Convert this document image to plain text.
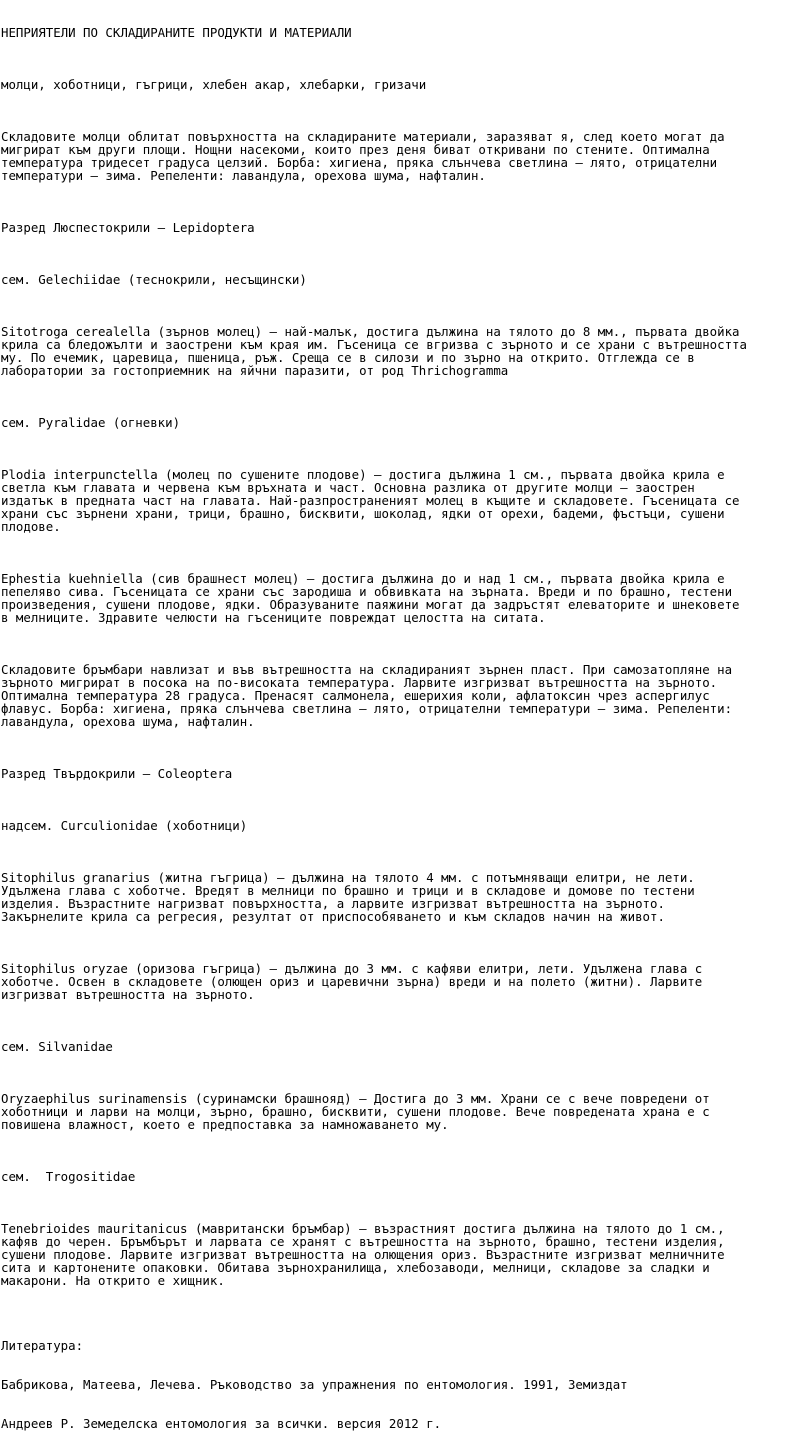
НЕПРИЯТЕЛИ ПО СКЛАДИРАНИТЕ ПРОДУКТИ И МАТЕРИАЛИ

молци, хоботници, гъгрици, хлебен акар, хлебарки, гризачи

Складовите молци облитат повърхността на складираните материали, заразяват я, след което могат да
мигрират към други площи. Нощни насекоми, които през деня биват откривани по стените. Оптимална
температура тридесет градуса целзий. Борба: хигиена, пряка слънчева светлина – лято, отрицателни
температури – зима. Репеленти: лавандула, орехова шума, нафталин.

Разред Люспестокрили – Lepidoptera

сем. Gelechiidae (теснокрили, несъщински)

Sitotroga cerealella (зърнов молец) – най-малък, достига дължина на тялото до 8 мм., първата двойка
крила са бледожълти и заострени към края им. Гъсеница се вгризва с зърното и се храни с вътрешността
му. По ечемик, царевица, пшеница, ръж. Среща се в силози и по зърно на открито. Отглежда се в
лаборатории за гостоприемник на яйчни паразити, от род Thrichogramma

сем. Pyralidae (огневки)

Plodia interpunctella (молец по сушените плодове) – достига дължина 1 см., първата двойка крила е
светла към главата и червена към връхната и част. Основна разлика от другите молци – заострен
издатък в предната част на главата. Най-разпространеният молец в къщите и складовете. Гъсеницата се
храни със зърнени храни, трици, брашно, бисквити, шоколад, ядки от орехи, бадеми, фъстъци, сушени
плодове.

Ephestia kuehniella (сив брашнест молец) – достига дължина до и над 1 см., първата двойка крила е
пепеляво сива. Гъсеницата се храни със зародиша и обвивката на зърната. Вреди и по брашно, тестени
произведения, сушени плодове, ядки. Образуваните паяжини могат да задръстят елеваторите и шнековете
в мелниците. Здравите челюсти на гъсениците повреждат целостта на ситата.

Складовите бръмбари навлизат и във вътрешността на складираният зърнен пласт. При самозатопляне на
зърното мигрират в посока на по-високата температура. Ларвите изгризват вътрешността на зърното.
Оптимална температура 28 градуса. Пренасят салмонела, ешерихия коли, афлатоксин чрез аспергилус
флавус. Борба: хигиена, пряка слънчева светлина – лято, отрицателни температури – зима. Репеленти:
лавандула, орехова шума, нафталин.

Разред Твърдокрили – Coleoptera

надсем. Curculionidae (хоботници)

Sitophilus granarius (житна гъгрица) – дължина на тялото 4 мм. с потъмняващи елитри, не лети.
Удължена глава с хоботче. Вредят в мелници по брашно и трици и в складове и домове по тестени
изделия. Възрастните нагризват повърхността, а ларвите изгризват вътрешността на зърното.
Закърнелите крила са регресия, резултат от приспособяването и към складов начин на живот.

Sitophilus oryzae (оризова гъгрица) – дължина до 3 мм. с кафяви елитри, лети. Удължена глава с
хоботче. Освен в складовете (олющен ориз и царевични зърна) вреди и на полето (житни). Ларвите
изгризват вътрешността на зърното.

сем. Silvanidae

Oryzaephilus surinamensis (суринамски брашнояд) – Достига до 3 мм. Храни се с вече повредени от
хоботници и ларви на молци, зърно, брашно, бисквити, сушени плодове. Вече повредената храна е с
повишена влажност, което е предпоставка за намножаването му.

сем.  Trogositidae

Tenebrioides mauritanicus (мавритански бръмбар) – възрастният достига дължина на тялото до 1 см.,
кафяв до черен. Бръмбърът и ларвата се хранят с вътрешността на зърното, брашно, тестени изделия,
сушени плодове. Ларвите изгризват вътрешността на олющения ориз. Възрастните изгризват мелничните
сита и картонените опаковки. Обитава зърнохранилища, хлебозаводи, мелници, складове за сладки и
макарони. На открито е хищник.

Литература:

Бабрикова, Матеева, Лечева. Ръководство за упражнения по ентомология. 1991, Земиздат

Андреев Р. Земеделска ентомология за всички. версия 2012 г.
